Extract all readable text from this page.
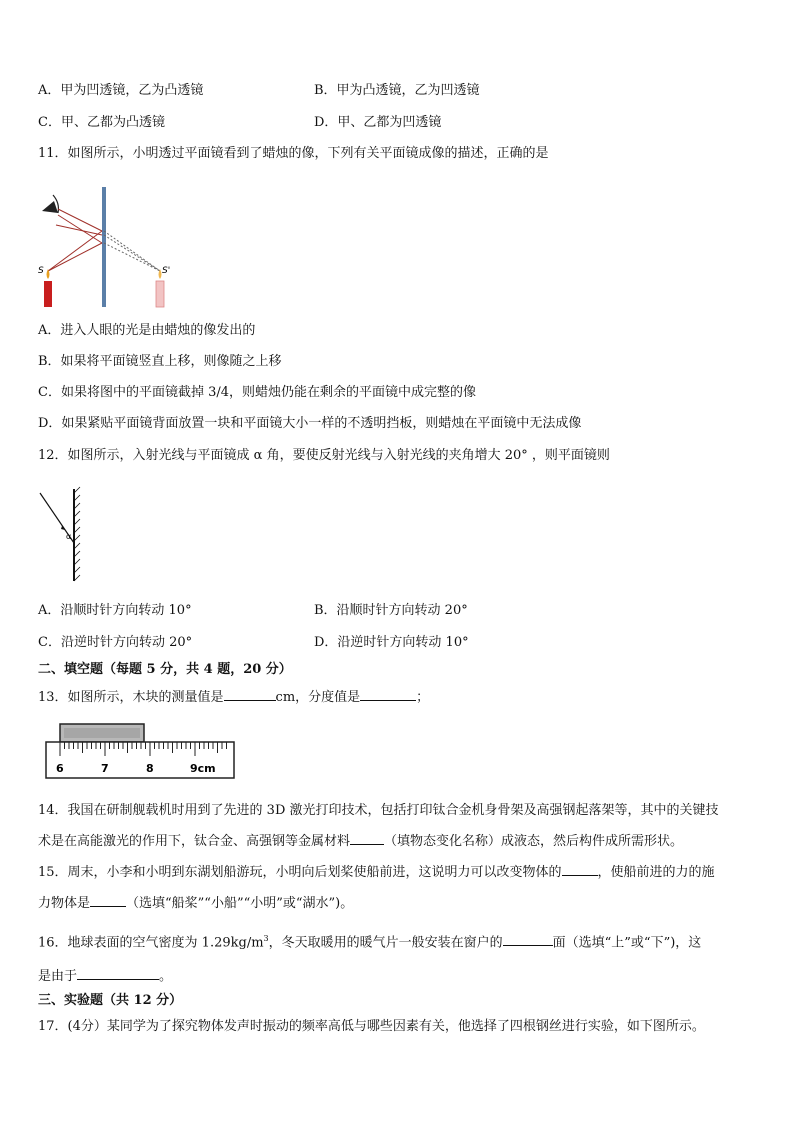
A．甲为凹透镜，乙为凸透镜	B．甲为凸透镜，乙为凹透镜
C．甲、乙都为凸透镜	D．甲、乙都为凹透镜
11．如图所示，小明透过平面镜看到了蜡烛的像，下列有关平面镜成像的描述，正确的是
S	S'
A．进入人眼的光是由蜡烛的像发出的
B．如果将平面镜竖直上移，则像随之上移
C．如果将图中的平面镜截掉 3/4，则蜡烛仍能在剩余的平面镜中成完整的像
D．如果紧贴平面镜背面放置一块和平面镜大小一样的不透明挡板，则蜡烛在平面镜中无法成像
12．如图所示，入射光线与平面镜成 α 角，要使反射光线与入射光线的夹角增大 20° ，则平面镜则
α
A．沿顺时针方向转动 10°	B．沿顺时针方向转动 20°
C．沿逆时针方向转动 20°	D．沿逆时针方向转动 10°
二、填空题（每题 5 分，共 4 题，20 分）
13．如图所示，木块的测量值是	cm，分度值是	；
6	7	8	9cm
14．我国在研制舰载机时用到了先进的 3D 激光打印技术，包括打印钛合金机身骨架及高强钢起落架等，其中的关键技
术是在高能激光的作用下，钛合金、高强钢等金属材料	（填物态变化名称）成液态，然后构件成所需形状。
15．周末，小李和小明到东湖划船游玩，小明向后划桨使船前进，这说明力可以改变物体的	，使船前进的力的施
力物体是	（选填“船桨”“小船”“小明”或“湖水”)。
16．地球表面的空气密度为 $1.29kg/m^3$，冬天取暖用的暖气片一般安装在窗户的	面（选填“上”或“下”)，这
是由于	。
三、实验题（共 12 分）
17．(4分）某同学为了探究物体发声时振动的频率高低与哪些因素有关，他选择了四根钢丝进行实验，如下图所示。
